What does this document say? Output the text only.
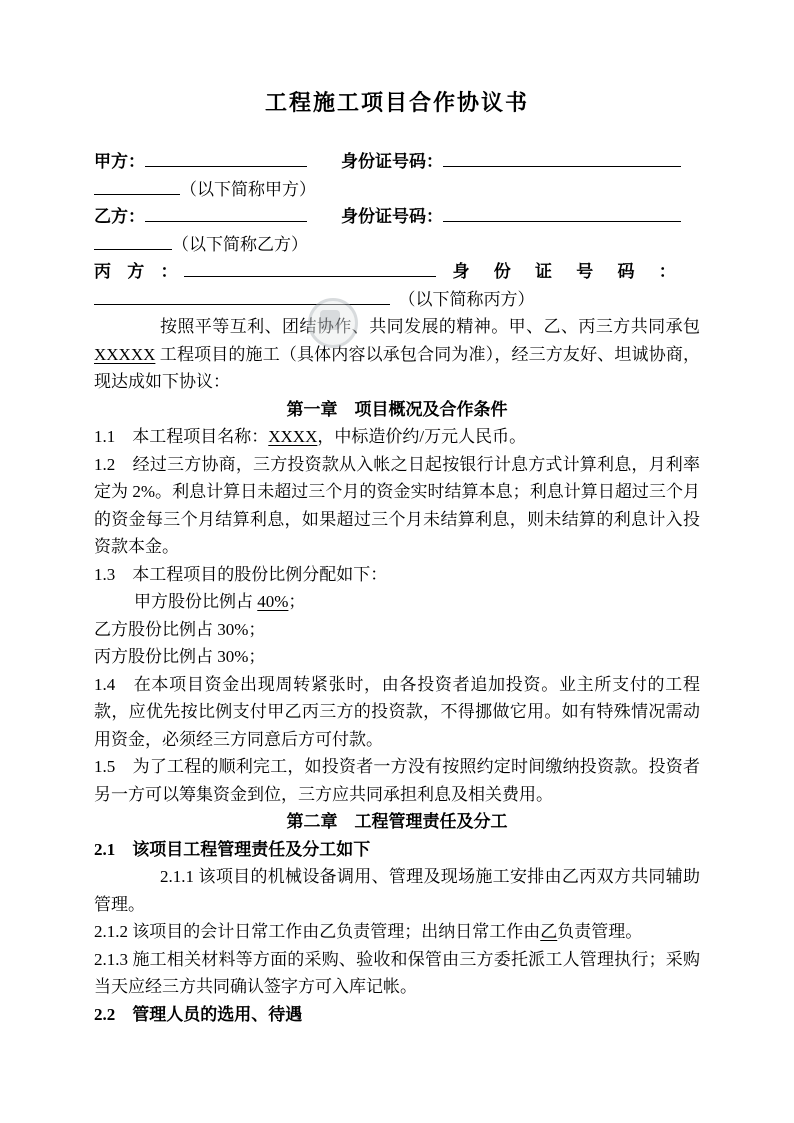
工程施工项目合作协议书
甲方：　　	身份证号码：
（以下简称甲方）
乙方：　　	身份证号码：
（以下简称乙方）
丙 方 ：　	身 份 证 号 码 ：
　（以下简称丙方）
按照平等互利、团结协作、共同发展的精神。甲、乙、丙三方共同承包 XXXXX 工程项目的施工（具体内容以承包合同为准），经三方友好、坦诚协商，现达成如下协议：
第一章　项目概况及合作条件
1.1　本工程项目名称：XXXX，中标造价约/万元人民币。
1.2　经过三方协商，三方投资款从入帐之日起按银行计息方式计算利息，月利率定为 2%。利息计算日未超过三个月的资金实时结算本息；利息计算日超过三个月的资金每三个月结算利息，如果超过三个月未结算利息，则未结算的利息计入投资款本金。
1.3　本工程项目的股份比例分配如下：
甲方股份比例占 40%；
乙方股份比例占 30%；
丙方股份比例占 30%；
1.4　在本项目资金出现周转紧张时，由各投资者追加投资。业主所支付的工程款，应优先按比例支付甲乙丙三方的投资款，不得挪做它用。如有特殊情况需动用资金，必须经三方同意后方可付款。
1.5　为了工程的顺利完工，如投资者一方没有按照约定时间缴纳投资款。投资者另一方可以筹集资金到位，三方应共同承担利息及相关费用。
第二章　工程管理责任及分工
2.1　该项目工程管理责任及分工如下
2.1.1 该项目的机械设备调用、管理及现场施工安排由乙丙双方共同辅助管理。
2.1.2 该项目的会计日常工作由乙负责管理；出纳日常工作由乙负责管理。
2.1.3 施工相关材料等方面的采购、验收和保管由三方委托派工人管理执行；采购当天应经三方共同确认签字方可入库记帐。
2.2　管理人员的选用、待遇
